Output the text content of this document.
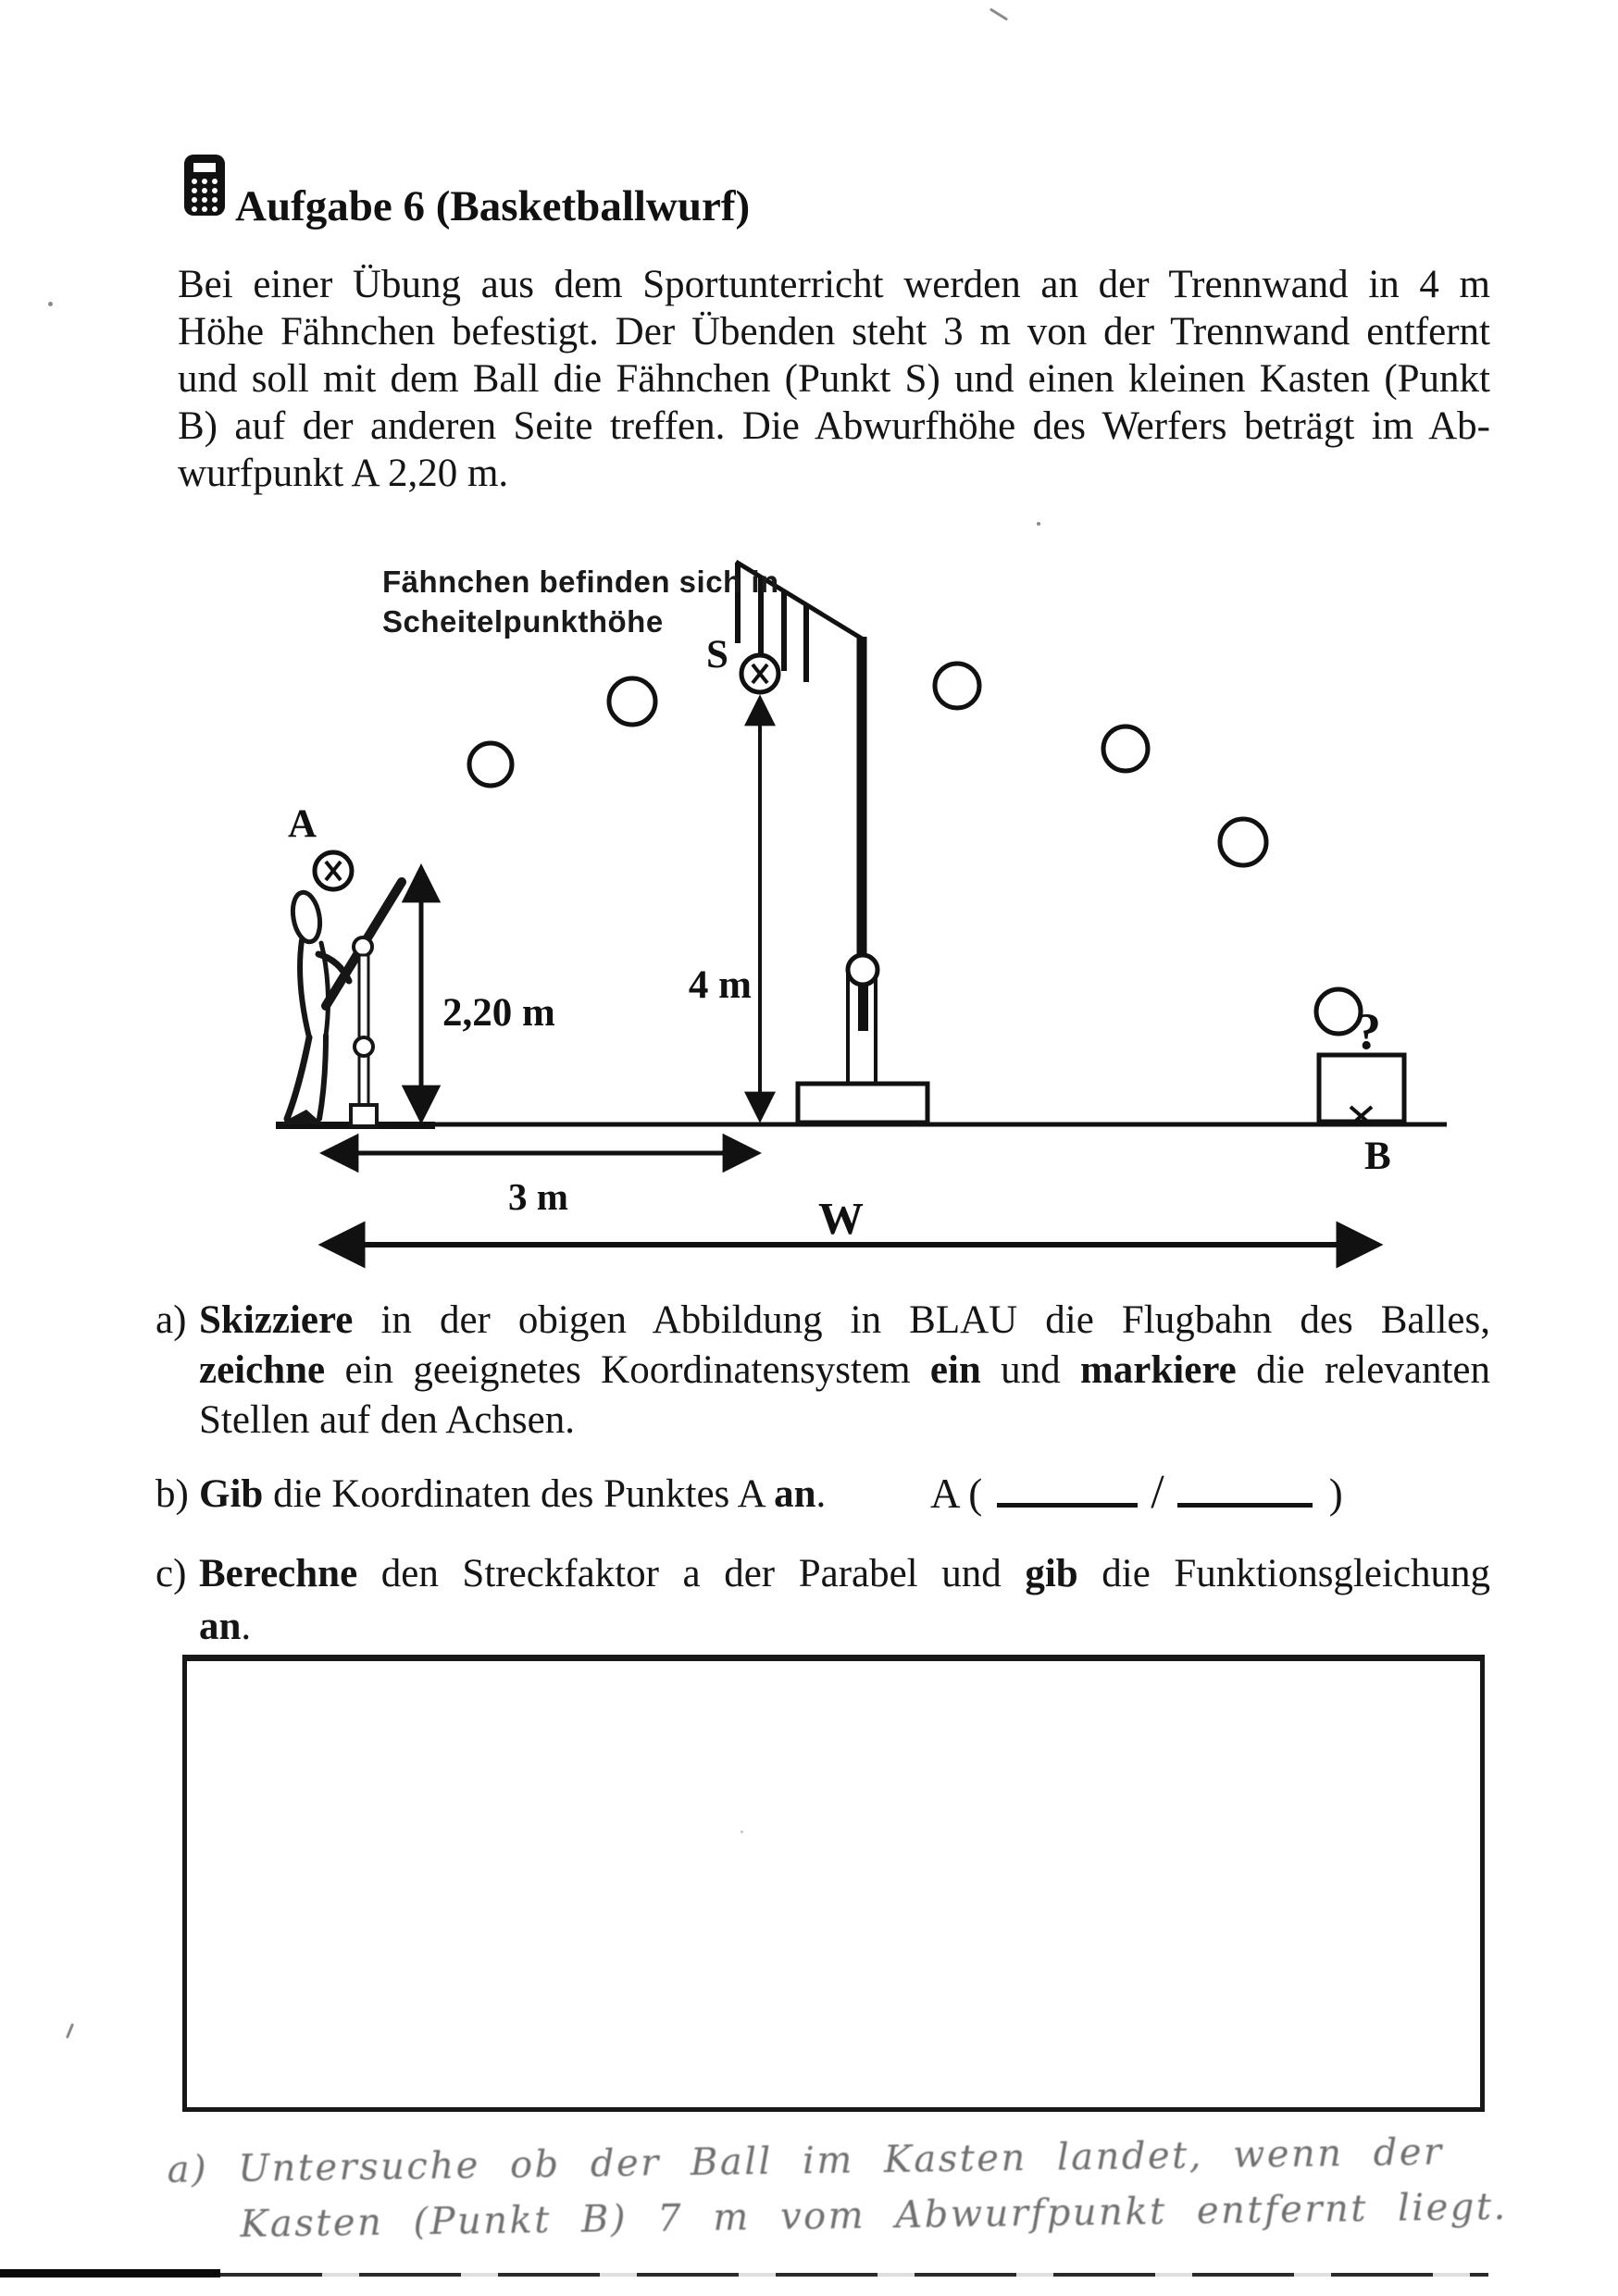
A
2,20 m
S
4 m
?
B
3 m	W
Aufgabe 6 (Basketballwurf)
Bei einer Übung aus dem Sportunterricht werden an der Trennwand in 4 m
Höhe Fähnchen befestigt. Der Übenden steht 3 m von der Trennwand entfernt
und soll mit dem Ball die Fähnchen (Punkt S) und einen kleinen Kasten (Punkt
B) auf der anderen Seite treffen. Die Abwurfhöhe des Werfers beträgt im Ab-
wurfpunkt A 2,20 m.
Fähnchen befinden sich in
Scheitelpunkthöhe
a) Skizziere in der obigen Abbildung in BLAU die Flugbahn des Balles,
zeichne ein geeignetes Koordinatensystem ein und markiere die relevanten
Stellen auf den Achsen.
b) Gib die Koordinaten des Punktes A an.	A (	/	)
c) Berechne den Streckfaktor a der Parabel und gib die Funktionsgleichung
an.
a) Untersuche ob der Ball im Kasten landet, wenn der
Kasten (Punkt B) 7 m vom Abwurfpunkt entfernt liegt.
